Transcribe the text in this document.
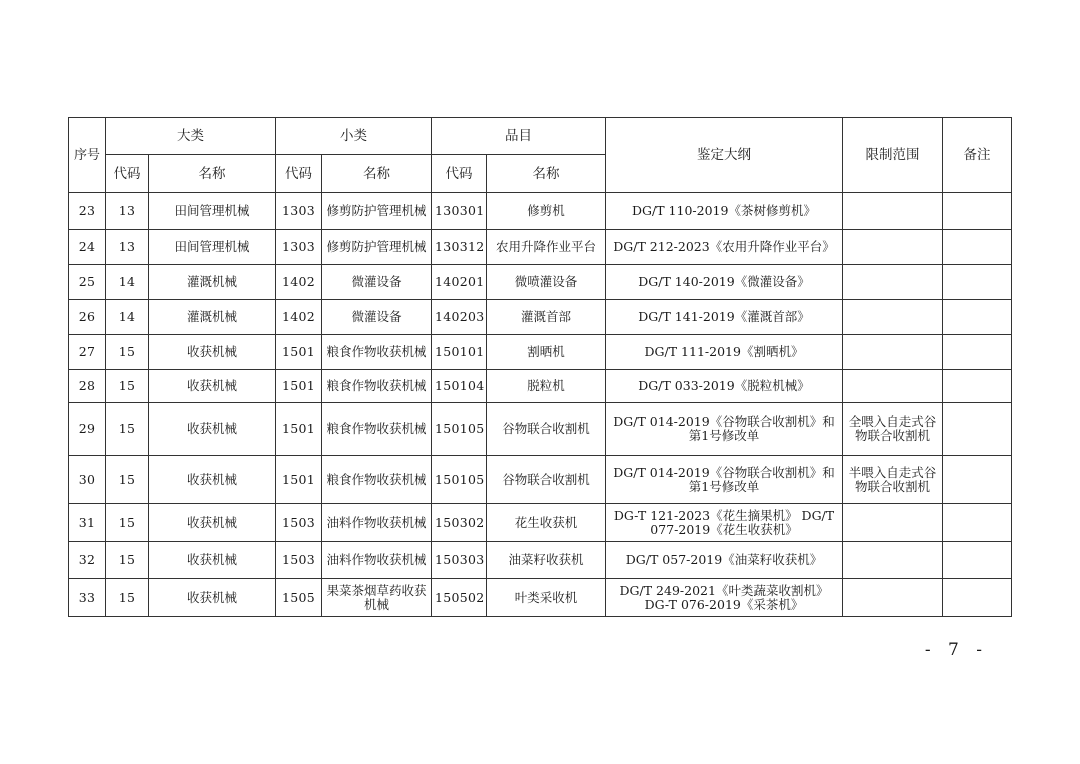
序号	大类		小类		品目		鉴定大纲	限制范围	备注
	代码	名称	代码	名称	代码	名称			
23	13	田间管理机械	1303	修剪防护管理机械	130301	修剪机	DG/T 110-2019《茶树修剪机》		
24	13	田间管理机械	1303	修剪防护管理机械	130312	农用升降作业平台	DG/T 212-2023《农用升降作业平台》		
25	14	灌溉机械	1402	微灌设备	140201	微喷灌设备	DG/T 140-2019《微灌设备》		
26	14	灌溉机械	1402	微灌设备	140203	灌溉首部	DG/T 141-2019《灌溉首部》		
27	15	收获机械	1501	粮食作物收获机械	150101	割晒机	DG/T 111-2019《割晒机》		
28	15	收获机械	1501	粮食作物收获机械	150104	脱粒机	DG/T 033-2019《脱粒机械》		
29	15	收获机械	1501	粮食作物收获机械	150105	谷物联合收割机	DG/T 014-2019《谷物联合收割机》和第1号修改单	全喂入自走式谷物联合收割机	
30	15	收获机械	1501	粮食作物收获机械	150105	谷物联合收割机	DG/T 014-2019《谷物联合收割机》和第1号修改单	半喂入自走式谷物联合收割机	
31	15	收获机械	1503	油料作物收获机械	150302	花生收获机	DG-T 121-2023《花生摘果机》 DG/T 077-2019《花生收获机》		
32	15	收获机械	1503	油料作物收获机械	150303	油菜籽收获机	DG/T 057-2019《油菜籽收获机》		
33	15	收获机械	1505	果菜茶烟草药收获机械	150502	叶类采收机	DG/T 249-2021《叶类蔬菜收割机》 DG-T 076-2019《采茶机》		
- 7 -
